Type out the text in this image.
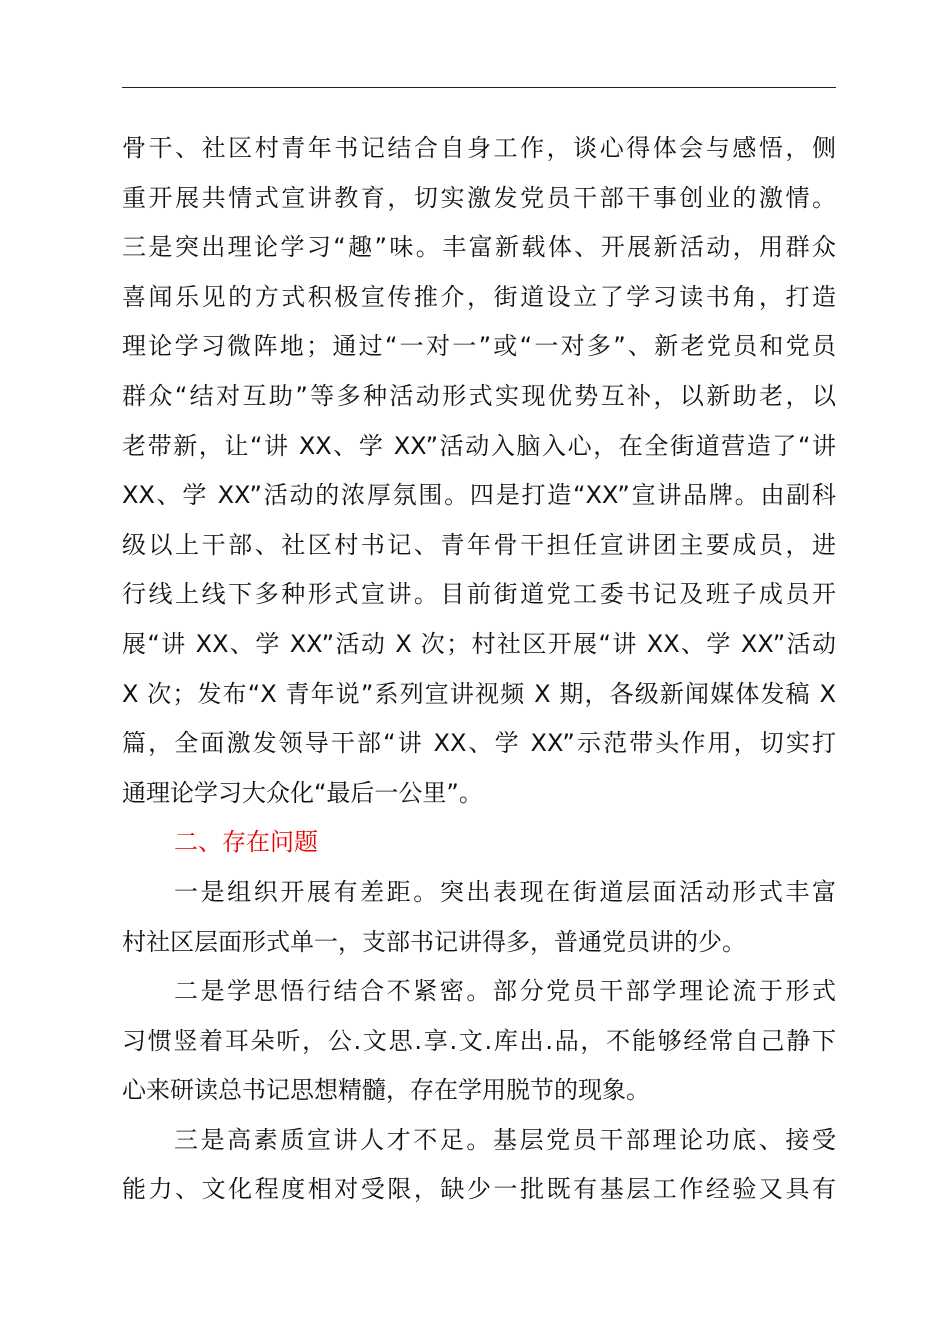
骨干、社区村青年书记结合自身工作，谈心得体会与感悟，侧
重开展共情式宣讲教育，切实激发党员干部干事创业的激情。
三是突出理论学习“趣”味。丰富新载体、开展新活动，用群众
喜闻乐见的方式积极宣传推介，街道设立了学习读书角，打造
理论学习微阵地；通过“一对一”或“一对多”、新老党员和党员
群众“结对互助”等多种活动形式实现优势互补，以新助老，以
老带新，让“讲 XX、学 XX”活动入脑入心，在全街道营造了“讲
XX、学 XX”活动的浓厚氛围。四是打造“XX”宣讲品牌。由副科
级以上干部、社区村书记、青年骨干担任宣讲团主要成员，进
行线上线下多种形式宣讲。目前街道党工委书记及班子成员开
展“讲 XX、学 XX”活动 X 次；村社区开展“讲 XX、学 XX”活动
X 次；发布“X 青年说”系列宣讲视频 X 期，各级新闻媒体发稿 X
篇，全面激发领导干部“讲 XX、学 XX”示范带头作用，切实打
通理论学习大众化“最后一公里”。
二、存在问题
一是组织开展有差距。突出表现在街道层面活动形式丰富
村社区层面形式单一，支部书记讲得多，普通党员讲的少。
二是学思悟行结合不紧密。部分党员干部学理论流于形式
习惯竖着耳朵听，公.文思.享.文.库出.品，不能够经常自己静下
心来研读总书记思想精髓，存在学用脱节的现象。
三是高素质宣讲人才不足。基层党员干部理论功底、接受
能力、文化程度相对受限，缺少一批既有基层工作经验又具有
